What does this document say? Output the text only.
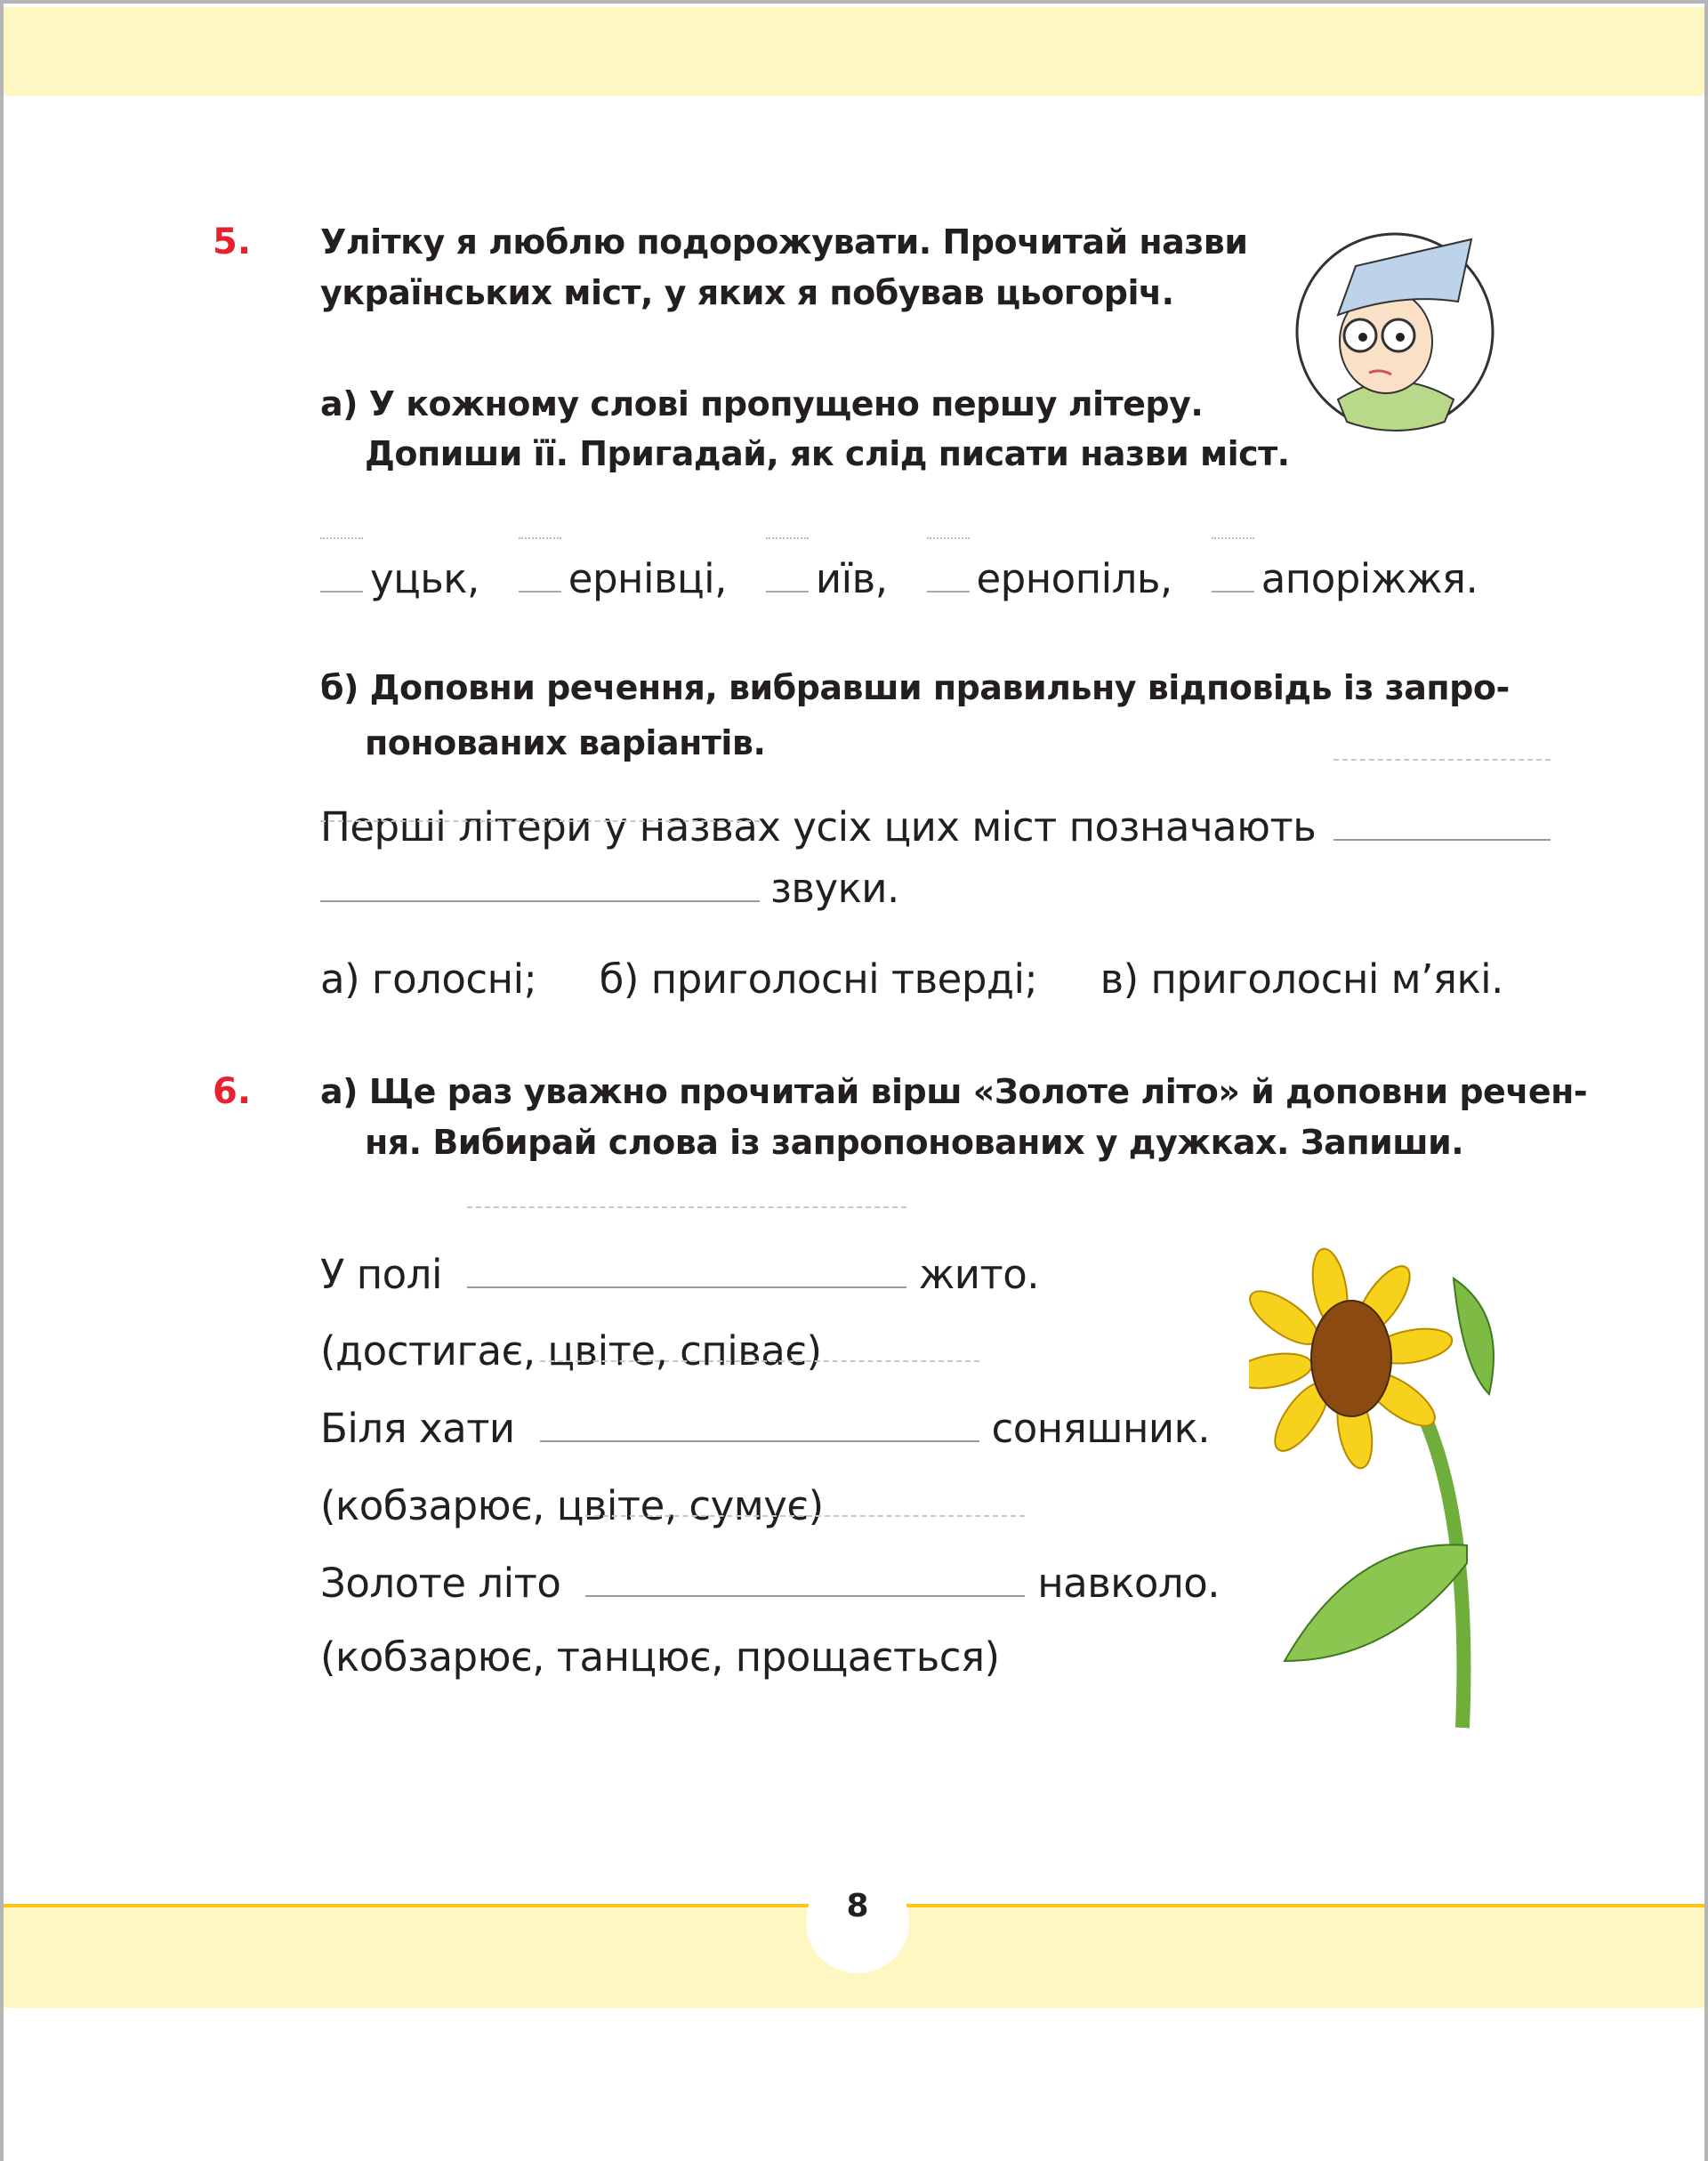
5. Улітку я люблю подорожувати. Прочитай назви
українських міст, у яких я побував цьогоріч.
а) У кожному слові пропущено першу літеру.
Допиши її. Пригадай, як слід писати назви міст.
уцьк, ернівці, иїв, ернопіль, апоріжжя.
б) Доповни речення, вибравши правильну відповідь із запро-
понованих варіантів.
Перші літери у назвах усіх цих міст позначають
звуки.
а) голосні; б) приголосні тверді; в) приголосні м’які.
6. а) Ще раз уважно прочитай вірш «Золоте літо» й доповни речен-
ня. Вибирай слова із запропонованих у дужках. Запиши.
У полі	жито.
(достигає, цвіте, співає)
Біля хати	соняшник.
(кобзарює, цвіте, сумує)
Золоте літо	навколо.
(кобзарює, танцює, прощається)
8
